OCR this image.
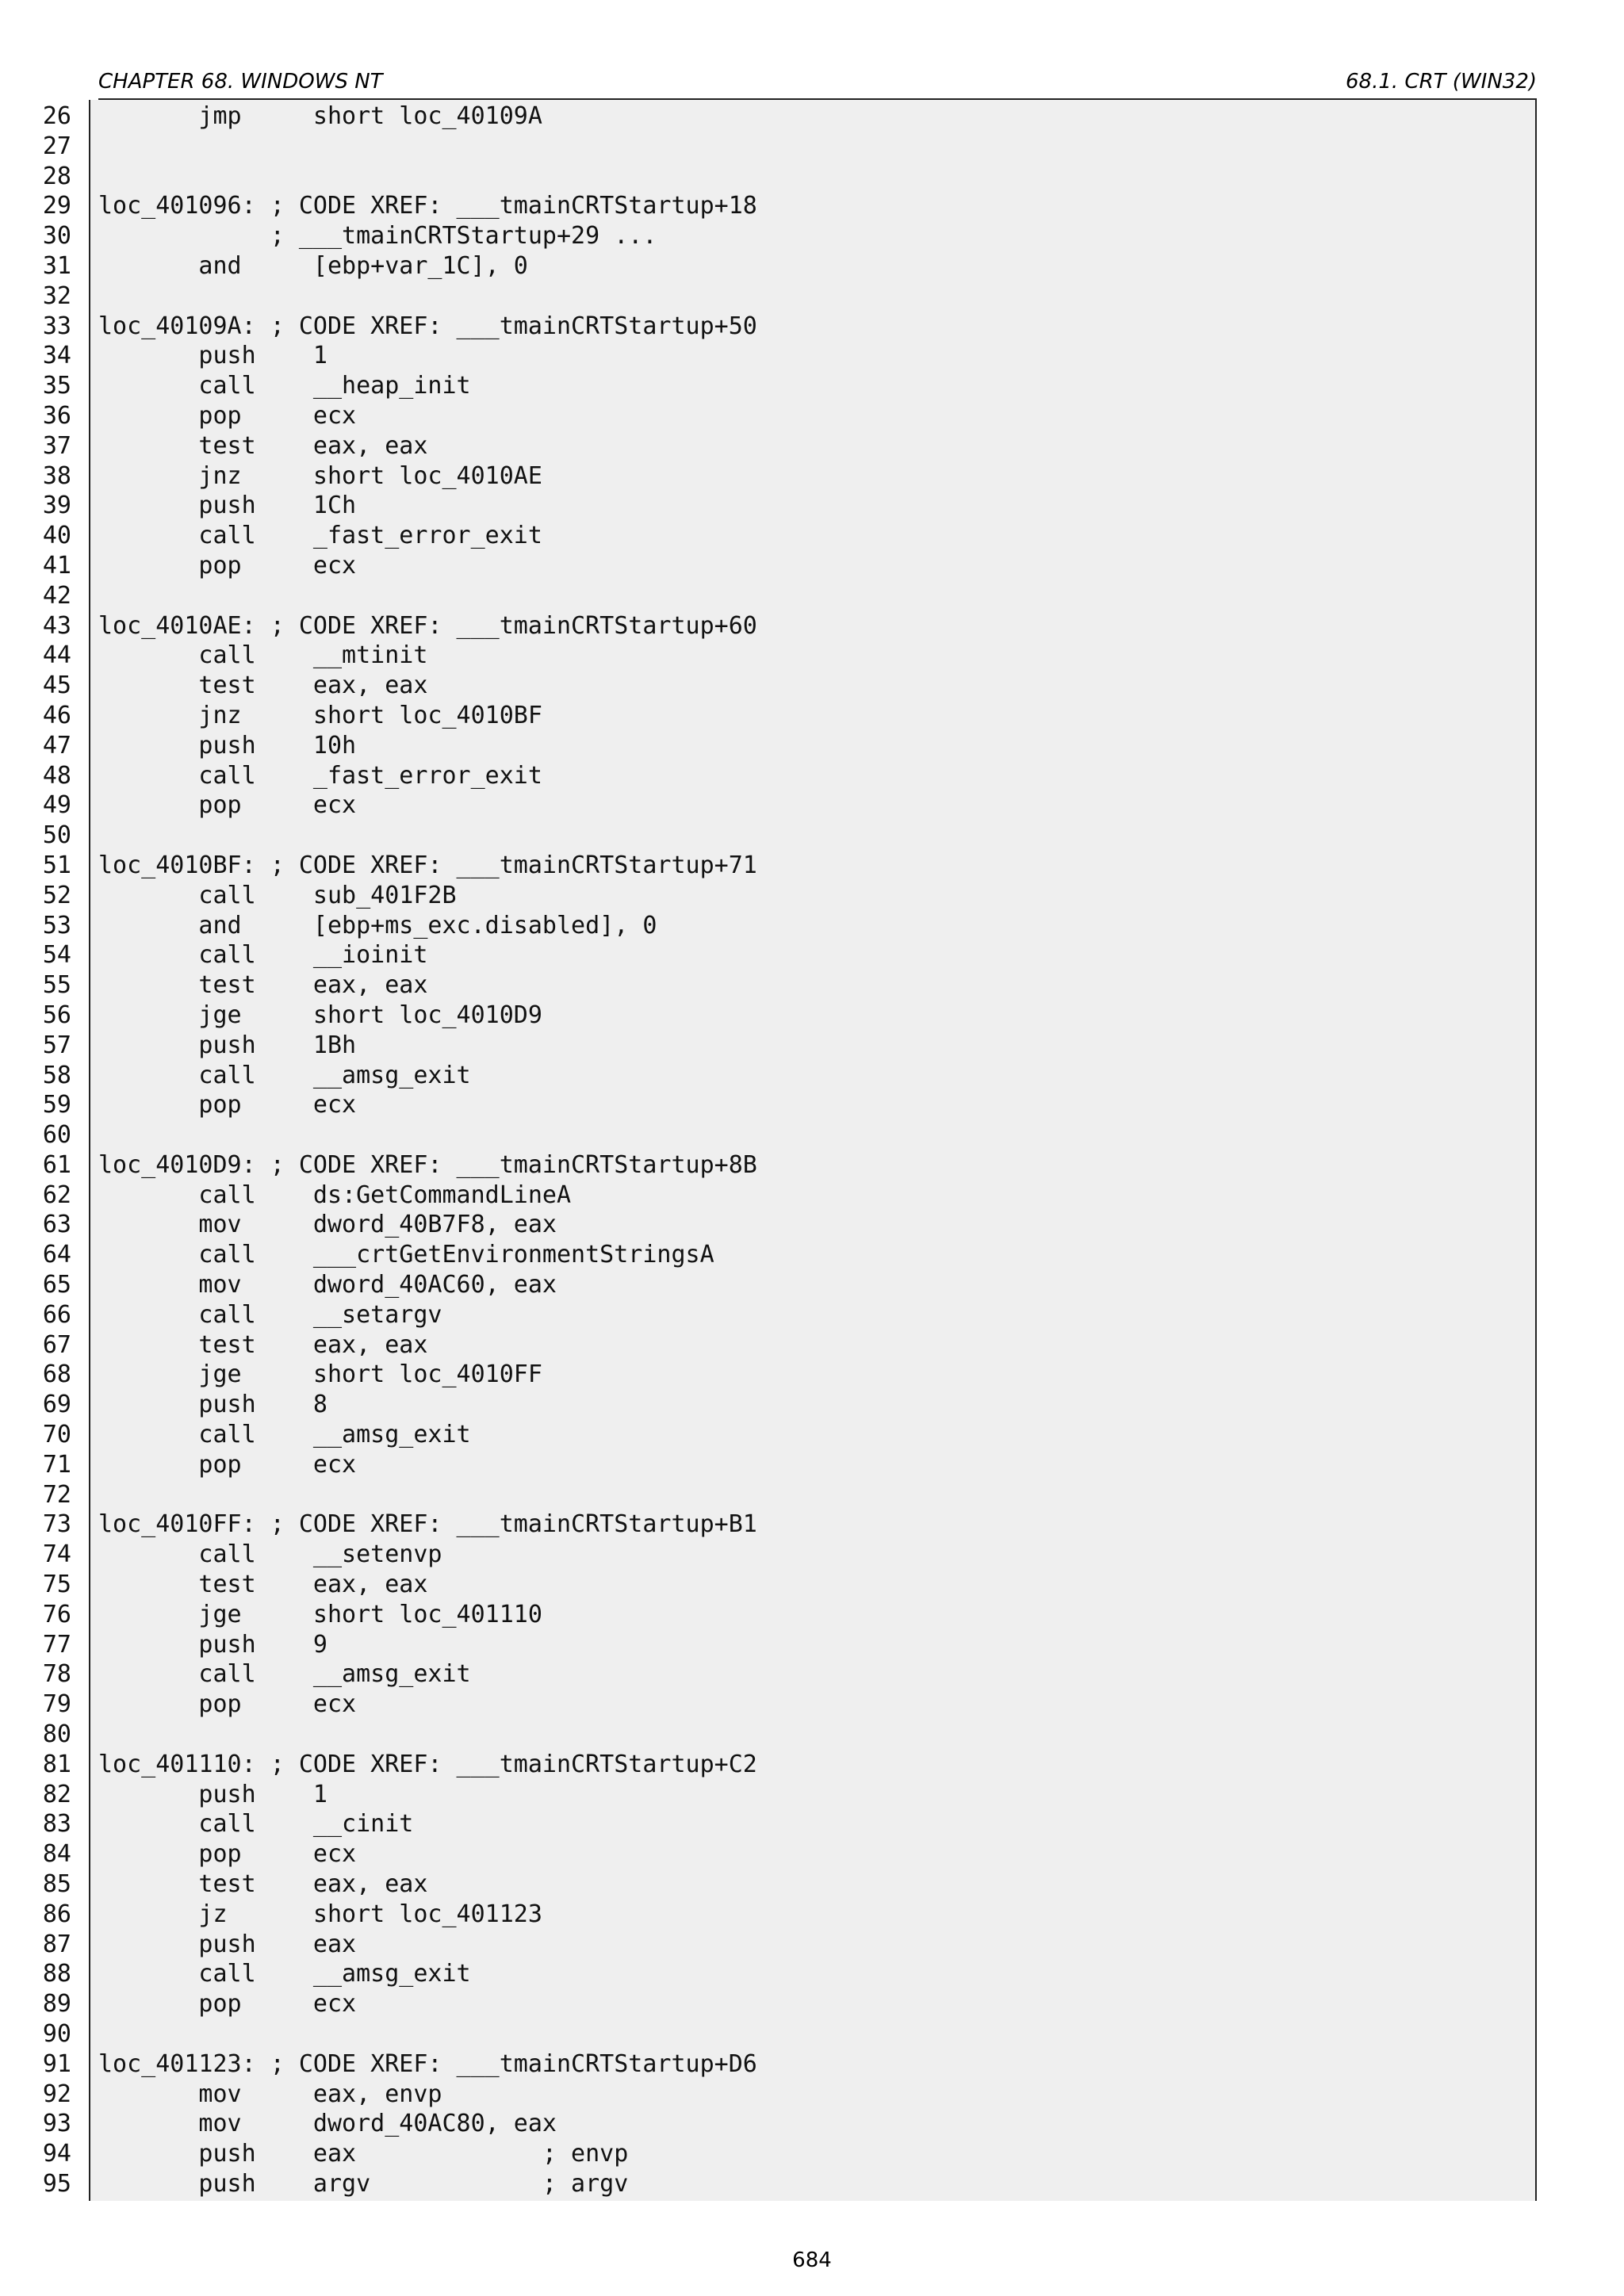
CHAPTER 68. WINDOWS NT	68.1. CRT (WIN32)
26 jmp     short loc_40109A
27
28
29 loc_401096: ; CODE XREF: ___tmainCRTStartup+18
30 ; ___tmainCRTStartup+29 ...
31 and     [ebp+var_1C], 0
32
33 loc_40109A: ; CODE XREF: ___tmainCRTStartup+50
34 push    1
35 call    __heap_init
36 pop     ecx
37 test    eax, eax
38 jnz     short loc_4010AE
39 push    1Ch
40 call    _fast_error_exit
41 pop     ecx
42
43 loc_4010AE: ; CODE XREF: ___tmainCRTStartup+60
44 call    __mtinit
45 test    eax, eax
46 jnz     short loc_4010BF
47 push    10h
48 call    _fast_error_exit
49 pop     ecx
50
51 loc_4010BF: ; CODE XREF: ___tmainCRTStartup+71
52 call    sub_401F2B
53 and     [ebp+ms_exc.disabled], 0
54 call    __ioinit
55 test    eax, eax
56 jge     short loc_4010D9
57 push    1Bh
58 call    __amsg_exit
59 pop     ecx
60
61 loc_4010D9: ; CODE XREF: ___tmainCRTStartup+8B
62 call    ds:GetCommandLineA
63 mov     dword_40B7F8, eax
64 call    ___crtGetEnvironmentStringsA
65 mov     dword_40AC60, eax
66 call    __setargv
67 test    eax, eax
68 jge     short loc_4010FF
69 push    8
70 call    __amsg_exit
71 pop     ecx
72
73 loc_4010FF: ; CODE XREF: ___tmainCRTStartup+B1
74 call    __setenvp
75 test    eax, eax
76 jge     short loc_401110
77 push    9
78 call    __amsg_exit
79 pop     ecx
80
81 loc_401110: ; CODE XREF: ___tmainCRTStartup+C2
82 push    1
83 call    __cinit
84 pop     ecx
85 test    eax, eax
86 jz      short loc_401123
87 push    eax
88 call    __amsg_exit
89 pop     ecx
90
91 loc_401123: ; CODE XREF: ___tmainCRTStartup+D6
92 mov     eax, envp
93 mov     dword_40AC80, eax
94 push    eax             ; envp
95 push    argv            ; argv
684
